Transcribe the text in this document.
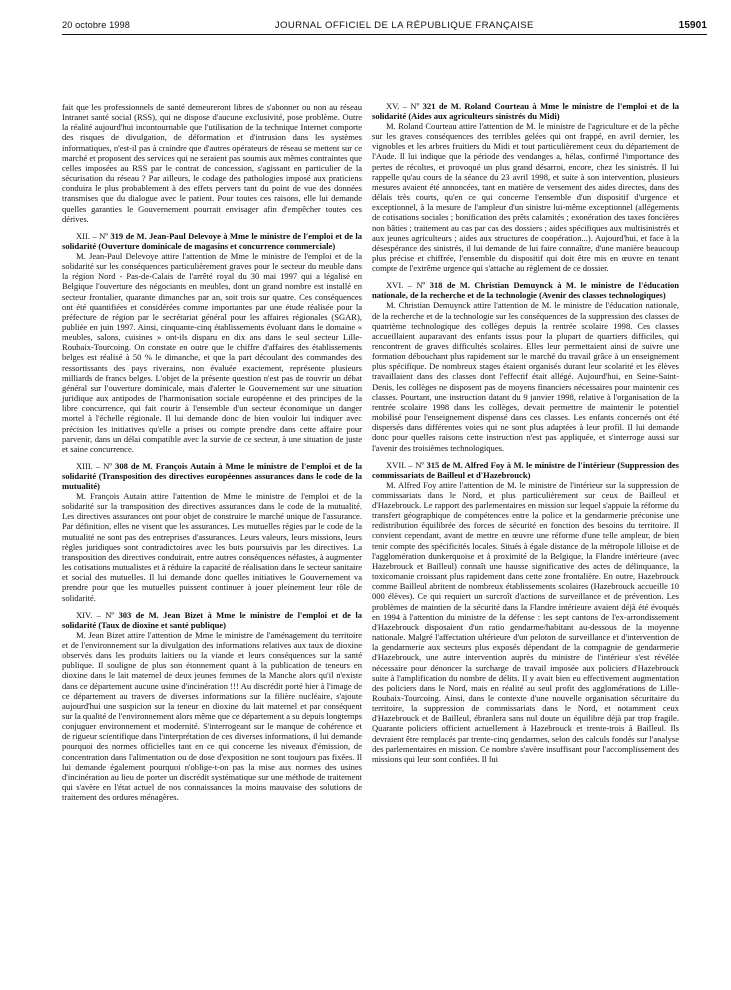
20 octobre 1998	JOURNAL OFFICIEL DE LA RÉPUBLIQUE FRANÇAISE	15901

fait que les professionnels de santé demeureront libres de s'abonner ou non au réseau Intranet santé social (RSS), qui ne dispose d'aucune exclusivité, pose problème. Outre la réalité aujourd'hui incontournable que l'utilisation de la technique Internet comporte des risques de divulgation, de déformation et d'intrusion dans les systèmes informatiques, n'est-il pas à craindre que d'autres opérateurs de réseau se mettent sur ce marché et proposent des services qui ne seraient pas soumis aux mêmes contraintes que celles imposées au RSS par le contrat de concession, s'agissant en particulier de la sécurisation du réseau ? Par ailleurs, le codage des pathologies imposé aux praticiens conduira le plus probablement à des effets pervers tant du point de vue des données transmises que du dialogue avec le patient. Pour toutes ces raisons, elle lui demande quelles garanties le Gouvernement pourrait envisager afin d'empêcher toutes ces dérives.

XII. – Nº 319 de M. Jean-Paul Delevoye à Mme le ministre de l'emploi et de la solidarité (Ouverture dominicale de magasins et concurrence commerciale)

M. Jean-Paul Delevoye attire l'attention de Mme le ministre de l'emploi et de la solidarité sur les conséquences particulièrement graves pour le secteur du meuble dans la région Nord - Pas-de-Calais de l'arrêté royal du 30 mai 1997 qui a légalisé en Belgique l'ouverture des négociants en meubles, dont un grand nombre est installé en secteur frontalier, quarante dimanches par an, soit trois sur quatre. Ces conséquences ont été quantifiées et considérées comme importantes par une étude réalisée pour la préfecture de région par le secrétariat général pour les affaires régionales (SGAR), publiée en juin 1997. Ainsi, cinquante-cinq établissements évoluant dans le domaine « meubles, salons, cuisines » ont-ils disparu en dix ans dans le seul secteur Lille-Roubaix-Tourcoing. On constate en outre que le chiffre d'affaires des établissements belges est réalisé à 50 % le dimanche, et que la part découlant des commandes des ressortissants des pays riverains, non évaluée exactement, représente plusieurs milliards de francs belges. L'objet de la présente question n'est pas de rouvrir un débat général sur l'ouverture dominicale, mais d'alerter le Gouvernement sur une situation juridique aux antipodes de l'harmonisation sociale européenne et des principes de la libre concurrence, qui fait courir à l'ensemble d'un secteur économique un danger mortel à l'échelle régionale. Il lui demande donc de bien vouloir lui indiquer avec précision les initiatives qu'elle a prises ou compte prendre dans cette affaire pour parvenir, dans un délai compatible avec la survie de ce secteur, à une situation de juste et saine concurrence.

XIII. – Nº 308 de M. François Autain à Mme le ministre de l'emploi et de la solidarité (Transposition des directives européennes assurances dans le code de la mutualité)

M. François Autain attire l'attention de Mme le ministre de l'emploi et de la solidarité sur la transposition des directives assurances dans le code de la mutualité. Les directives assurances ont pour objet de construire le marché unique de l'assurance. Par définition, elles ne visent que les assurances. Les mutuelles régies par le code de la mutualité ne sont pas des entreprises d'assurances. Leurs valeurs, leurs missions, leurs règles juridiques sont contradictoires avec les buts poursuivis par les directives. La transposition des directives conduirait, entre autres conséquences néfastes, à augmenter les cotisations mutualistes et à réduire la capacité de réalisation dans le secteur sanitaire et social des mutuelles. Il lui demande donc quelles initiatives le Gouvernement va prendre pour que les mutuelles puissent continuer à jouer pleinement leur rôle de solidarité.

XIV. – Nº 303 de M. Jean Bizet à Mme le ministre de l'emploi et de la solidarité (Taux de dioxine et santé publique)

M. Jean Bizet attire l'attention de Mme le ministre de l'aménagement du territoire et de l'environnement sur la divulgation des informations relatives aux taux de dioxine observés dans les produits laitiers ou la viande et leurs conséquences sur la santé publique. Il souligne de plus son étonnement quant à la publication de teneurs en dioxine dans le lait maternel de deux jeunes femmes de la Manche alors qu'il n'existe dans ce département aucune usine d'incinération !!! Au discrédit porté hier à l'image de ce département au travers de diverses informations sur la filière nucléaire, s'ajoute aujourd'hui une suspicion sur la teneur en dioxine du lait maternel et par conséquent sur la qualité de l'environnement alors même que ce département a su depuis longtemps conjuguer environnement et modernité. S'interrogeant sur le manque de cohérence et de rigueur scientifique dans l'interprétation de ces diverses informations, il lui demande pourquoi des normes officielles tant en ce qui concerne les niveaux d'émission, de concentration dans l'alimentation ou de dose d'exposition ne sont toujours pas fixées. Il lui demande également pourquoi n'oblige-t-on pas la mise aux normes des usines d'incinération au lieu de porter un discrédit systématique sur une méthode de traitement qui s'avère en l'état actuel de nos connaissances la moins mauvaise des solutions de traitement des ordures ménagères.

XV. – Nº 321 de M. Roland Courteau à Mme le ministre de l'emploi et de la solidarité (Aides aux agriculteurs sinistrés du Midi)

M. Roland Courteau attire l'attention de M. le ministre de l'agriculture et de la pêche sur les graves conséquences des terribles gelées qui ont frappé, en avril dernier, les vignobles et les arbres fruitiers du Midi et tout particulièrement ceux du département de l'Aude. Il lui indique que la période des vendanges a, hélas, confirmé l'importance des pertes de récoltes, et provoqué un plus grand désarroi, encore, chez les sinistrés. Il lui rappelle qu'au cours de la séance du 23 avril 1998, et suite à son intervention, plusieurs mesures avaient été annoncées, tant en matière de versement des aides directes, dans des délais très courts, qu'en ce qui concerne l'ensemble d'un dispositif d'urgence et exceptionnel, à la mesure de l'ampleur d'un sinistre lui-même exceptionnel (allégements de cotisations sociales ; bonification des prêts calamités ; exonération des taxes foncières non bâties ; traitement au cas par cas des dossiers ; aides spécifiques aux multisinistrés et aux jeunes agriculteurs ; aides aux structures de coopération...). Aujourd'hui, et face à la désespérance des sinistrés, il lui demande de lui faire connaître, d'une manière beaucoup plus précise et chiffrée, l'ensemble du dispositif qui doit être mis en œuvre en tenant compte de l'extrême urgence qui s'attache au règlement de ce dossier.

XVI. – Nº 318 de M. Christian Demuynck à M. le ministre de l'éducation nationale, de la recherche et de la technologie (Avenir des classes technologiques)

M. Christian Demuynck attire l'attention de M. le ministre de l'éducation nationale, de la recherche et de la technologie sur les conséquences de la suppression des classes de quatrième technologique des collèges depuis la rentrée scolaire 1998. Ces classes accueillaient auparavant des enfants issus pour la plupart de quartiers difficiles, qui rencontrent de graves difficultés scolaires. Elles leur permettaient ainsi de suivre une formation débouchant plus rapidement sur le marché du travail grâce à un enseignement plus spécifique. De nombreux stages étaient organisés durant leur scolarité et les élèves travaillaient dans des classes dont l'effectif était allégé. Aujourd'hui, en Seine-Saint-Denis, les collèges ne disposent pas de moyens financiers nécessaires pour maintenir ces classes. Pourtant, une instruction datant du 9 janvier 1998, relative à l'organisation de la rentrée scolaire 1998 dans les collèges, devait permettre de maintenir le potentiel mobilisé pour l'enseignement dispensé dans ces classes. Les enfants concernés ont été dispersés dans différentes voies qui ne sont plus adaptées à leur profil. Il lui demande donc pour quelles raisons cette instruction n'est pas appliquée, et s'interroge aussi sur l'avenir des troisièmes technologiques.

XVII. – Nº 315 de M. Alfred Foy à M. le ministre de l'intérieur (Suppression des commissariats de Bailleul et d'Hazebrouck)

M. Alfred Foy attire l'attention de M. le ministre de l'intérieur sur la suppression de commissariats dans le Nord, et plus particulièrement sur ceux de Bailleul et d'Hazebrouck. Le rapport des parlementaires en mission sur lequel s'appuie la réforme du transfert géographique de compétences entre la police et la gendarmerie préconise une redistribution équilibrée des forces de sécurité en fonction des besoins du territoire. Il convient cependant, avant de mettre en œuvre une réforme d'une telle ampleur, de bien tenir compte des spécificités locales. Situés à égale distance de la métropole lilloise et de l'agglomération dunkerquoise et à proximité de la Belgique, la Flandre intérieure (avec Hazebrouck et Bailleul) connaît une hausse significative des actes de délinquance, la toxicomanie croissant plus rapidement dans cette zone frontalière. En outre, Hazebrouck comme Bailleul abritent de nombreux établissements scolaires (Hazebrouck accueille 10 000 élèves). Ce qui requiert un surcroît d'actions de surveillance et de prévention. Les problèmes de maintien de la sécurité dans la Flandre intérieure avaient déjà été évoqués en 1994 à l'attention du ministre de la défense : les sept cantons de l'ex-arrondissement d'Hazebrouck disposaient d'un ratio gendarme/habitant au-dessous de la moyenne nationale. Malgré l'affectation ultérieure d'un peloton de surveillance et d'intervention de la gendarmerie aux secteurs plus exposés dépendant de la compagnie de gendarmerie d'Hazebrouck, une autre intervention auprès du ministre de l'intérieur s'est révélée nécessaire pour dénoncer la surcharge de travail imposée aux policiers d'Hazebrouck suite à l'amplification du nombre de délits. Il y avait bien eu effectivement augmentation des policiers dans le Nord, mais en réalité au seul profit des agglomérations de Lille-Roubaix-Tourcoing. Ainsi, dans le contexte d'une nouvelle organisation sécuritaire du territoire, la suppression de commissariats dans le Nord, et notamment ceux d'Hazebrouck et de Bailleul, ébranlera sans nul doute un équilibre déjà par trop fragile. Quarante policiers officient actuellement à Hazebrouck et trente-trois à Bailleul. Ils devraient être remplacés par trente-cinq gendarmes, selon des calculs fondés sur l'analyse des parlementaires en mission. Ce nombre s'avère insuffisant pour l'accomplissement des missions qui leur sont confiées. Il lui
